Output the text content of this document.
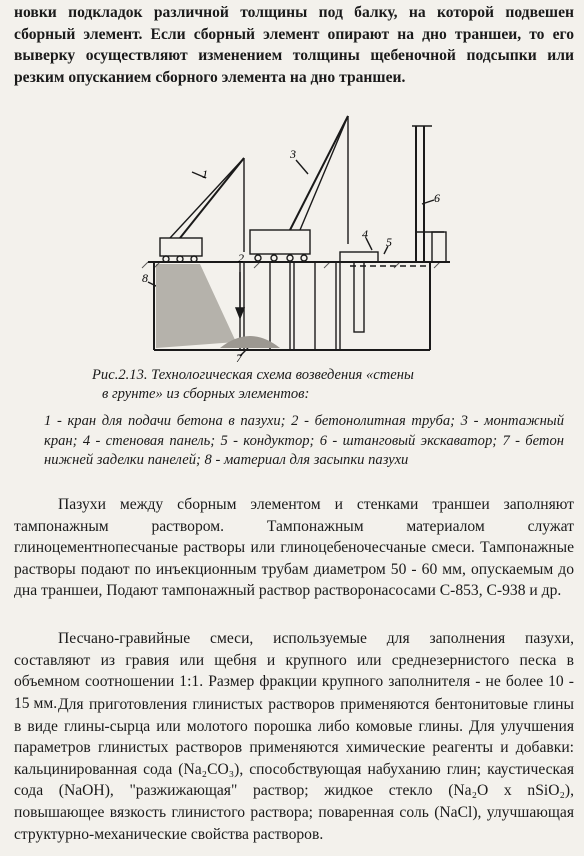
новки подкладок различной толщины под балку, на которой подвешен сборный элемент. Если сборный элемент опирают на дно траншеи, то его выверку осуществляют изменением толщины щебеночной подсыпки или резким опусканием сборного элемента на дно траншеи.

1
2
3
4
5
6
7
8

Рис.2.13. Технологическая схема возведения «стены
в грунте» из сборных элементов:

1 - кран для подачи бетона в пазухи; 2 - бетонолитная труба; 3 - монтажный кран; 4 - стеновая панель; 5 - кондуктор; 6 - штанговый экскаватор; 7 - бетон нижней заделки панелей; 8 - материал для засыпки пазухи

Пазухи между сборным элементом и стенками траншеи заполняют тампонажным раствором. Тампонажным материалом служат глиноцементнопесчаные растворы или глиноцебеночесчаные смеси. Тампонажные растворы подают по инъекционным трубам диаметром 50 - 60 мм, опускаемым до дна траншеи, Подают тампонажный раствор растворонасосами С-853, С-938 и др.

Песчано-гравийные смеси, используемые для заполнения пазухи, составляют из гравия или щебня и крупного или среднезернистого песка в объемном соотношении 1:1. Размер фракции крупного заполнителя - не более 10 - 15 мм. Для приготовления глинистых растворов применяются бентонитовые глины в виде глины-сырца или молотого порошка либо комовые глины. Для улучшения параметров глинистых растворов применяются химические реагенты и добавки: кальцинированная сода (Na₂CO₃), способствующая набуханию глин; каустическая сода (NaOH), "разжижающая" раствор; жидкое стекло (Na₂O x nSiO₂), повышающее вязкость глинистого раствора; поваренная соль (NaCl), улучшающая структурно-механические свойства растворов.
